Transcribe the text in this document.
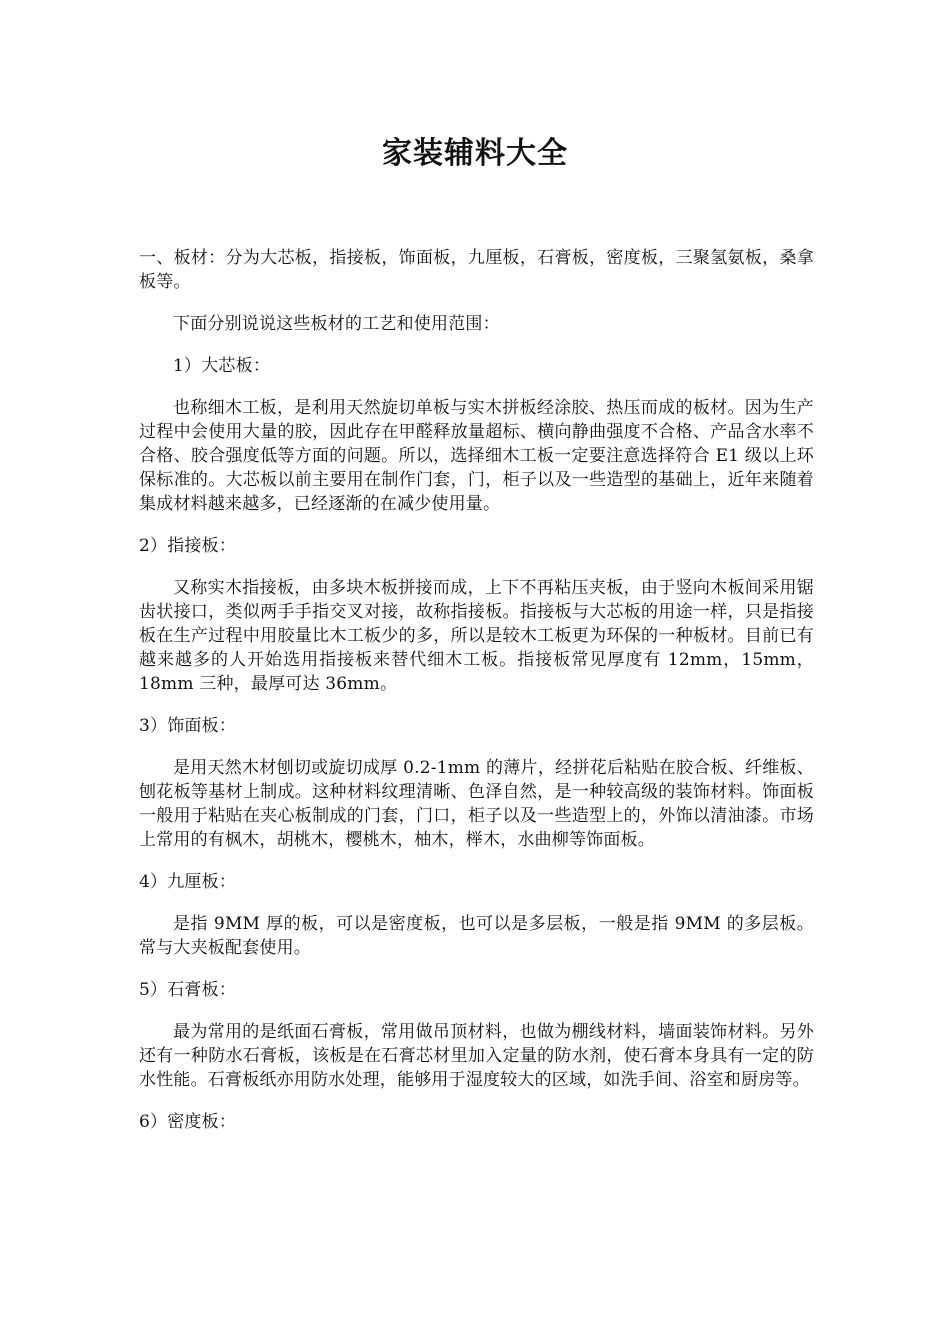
家装辅料大全

一、板材：分为大芯板，指接板，饰面板，九厘板，石膏板，密度板，三聚氢氨板，桑拿板等。

下面分别说说这些板材的工艺和使用范围：

1）大芯板：

也称细木工板，是利用天然旋切单板与实木拼板经涂胶、热压而成的板材。因为生产过程中会使用大量的胶，因此存在甲醛释放量超标、横向静曲强度不合格、产品含水率不合格、胶合强度低等方面的问题。所以，选择细木工板一定要注意选择符合 E1 级以上环保标准的。大芯板以前主要用在制作门套，门，柜子以及一些造型的基础上，近年来随着集成材料越来越多，已经逐渐的在减少使用量。

2）指接板：

又称实木指接板，由多块木板拼接而成，上下不再粘压夹板，由于竖向木板间采用锯齿状接口，类似两手手指交叉对接，故称指接板。指接板与大芯板的用途一样，只是指接板在生产过程中用胶量比木工板少的多，所以是较木工板更为环保的一种板材。目前已有越来越多的人开始选用指接板来替代细木工板。指接板常见厚度有 12mm，15mm，18mm 三种，最厚可达 36mm。

3）饰面板：

是用天然木材刨切或旋切成厚 0.2-1mm 的薄片，经拼花后粘贴在胶合板、纤维板、刨花板等基材上制成。这种材料纹理清晰、色泽自然，是一种较高级的装饰材料。饰面板一般用于粘贴在夹心板制成的门套，门口，柜子以及一些造型上的，外饰以清油漆。市场上常用的有枫木，胡桃木，樱桃木，柚木，榉木，水曲柳等饰面板。

4）九厘板：

是指 9MM 厚的板，可以是密度板，也可以是多层板，一般是指 9MM 的多层板。常与大夹板配套使用。

5）石膏板：

最为常用的是纸面石膏板，常用做吊顶材料，也做为棚线材料，墙面装饰材料。另外还有一种防水石膏板，该板是在石膏芯材里加入定量的防水剂，使石膏本身具有一定的防水性能。石膏板纸亦用防水处理，能够用于湿度较大的区域，如洗手间、浴室和厨房等。

6）密度板：
